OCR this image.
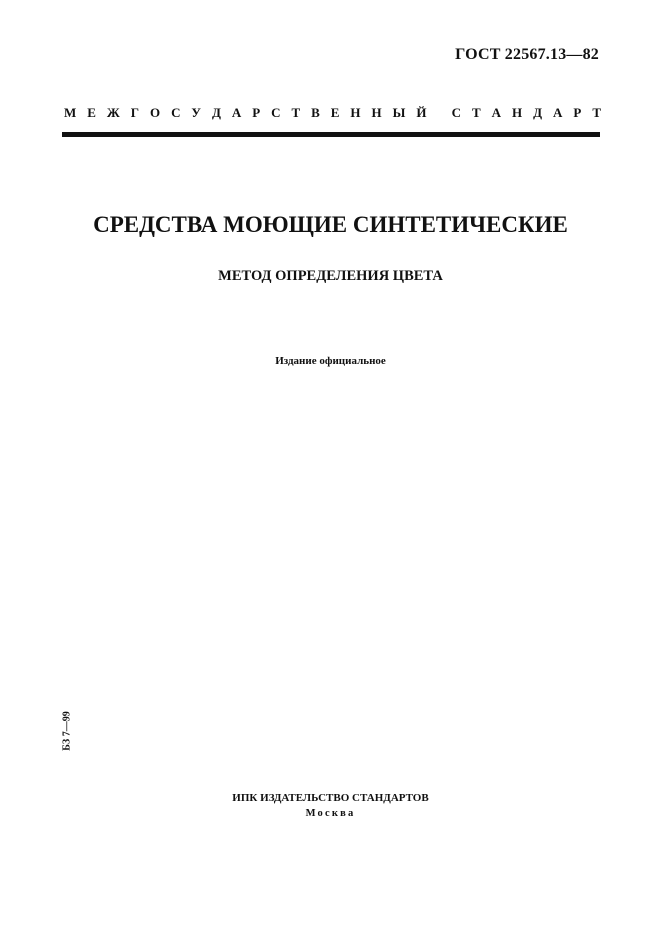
ГОСТ 22567.13—82
М Е Ж Г О С У Д А Р С Т В Е Н Н Ы Й
С Т А Н Д А Р Т
СРЕДСТВА МОЮЩИЕ СИНТЕТИЧЕСКИЕ
МЕТОД ОПРЕДЕЛЕНИЯ ЦВЕТА
Издание официальное
БЗ 7—99
ИПК ИЗДАТЕЛЬСТВО СТАНДАРТОВ
Москва
